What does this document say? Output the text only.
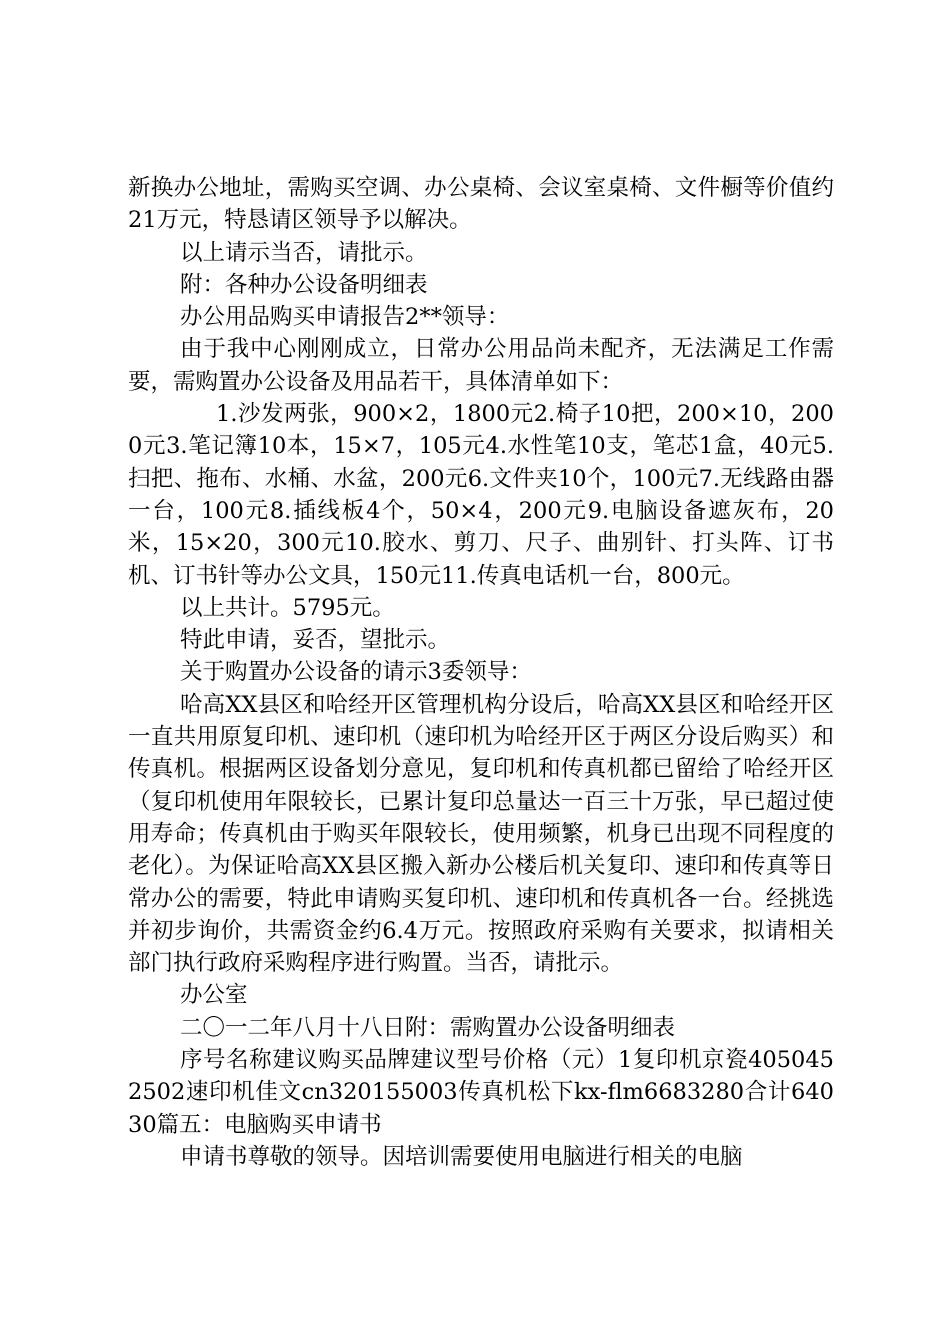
新换办公地址，需购买空调、办公桌椅、会议室桌椅、文件橱等价值约21万元，特恳请区领导予以解决。

以上请示当否，请批示。

附：各种办公设备明细表

办公用品购买申请报告2**领导：

由于我中心刚刚成立，日常办公用品尚未配齐，无法满足工作需要，需购置办公设备及用品若干，具体清单如下：

1.沙发两张，900×2，1800元2.椅子10把，200×10，2000元3.笔记簿10本，15×7，105元4.水性笔10支，笔芯1盒，40元5.扫把、拖布、水桶、水盆，200元6.文件夹10个，100元7.无线路由器一台，100元8.插线板4个，50×4，200元9.电脑设备遮灰布，20米，15×20，300元10.胶水、剪刀、尺子、曲别针、打头阵、订书机、订书针等办公文具，150元11.传真电话机一台，800元。

以上共计。5795元。

特此申请，妥否，望批示。

关于购置办公设备的请示3委领导：

哈高XX县区和哈经开区管理机构分设后，哈高XX县区和哈经开区一直共用原复印机、速印机（速印机为哈经开区于两区分设后购买）和传真机。根据两区设备划分意见，复印机和传真机都已留给了哈经开区（复印机使用年限较长，已累计复印总量达一百三十万张，早已超过使用寿命；传真机由于购买年限较长，使用频繁，机身已出现不同程度的老化）。为保证哈高XX县区搬入新办公楼后机关复印、速印和传真等日常办公的需要，特此申请购买复印机、速印机和传真机各一台。经挑选并初步询价，共需资金约6.4万元。按照政府采购有关要求，拟请相关部门执行政府采购程序进行购置。当否，请批示。

办公室

二〇一二年八月十八日附：需购置办公设备明细表

序号名称建议购买品牌建议型号价格（元）1复印机京瓷4050452502速印机佳文cn320155003传真机松下kx-flm6683280合计64030篇五：电脑购买申请书

申请书尊敬的领导。因培训需要使用电脑进行相关的电脑
